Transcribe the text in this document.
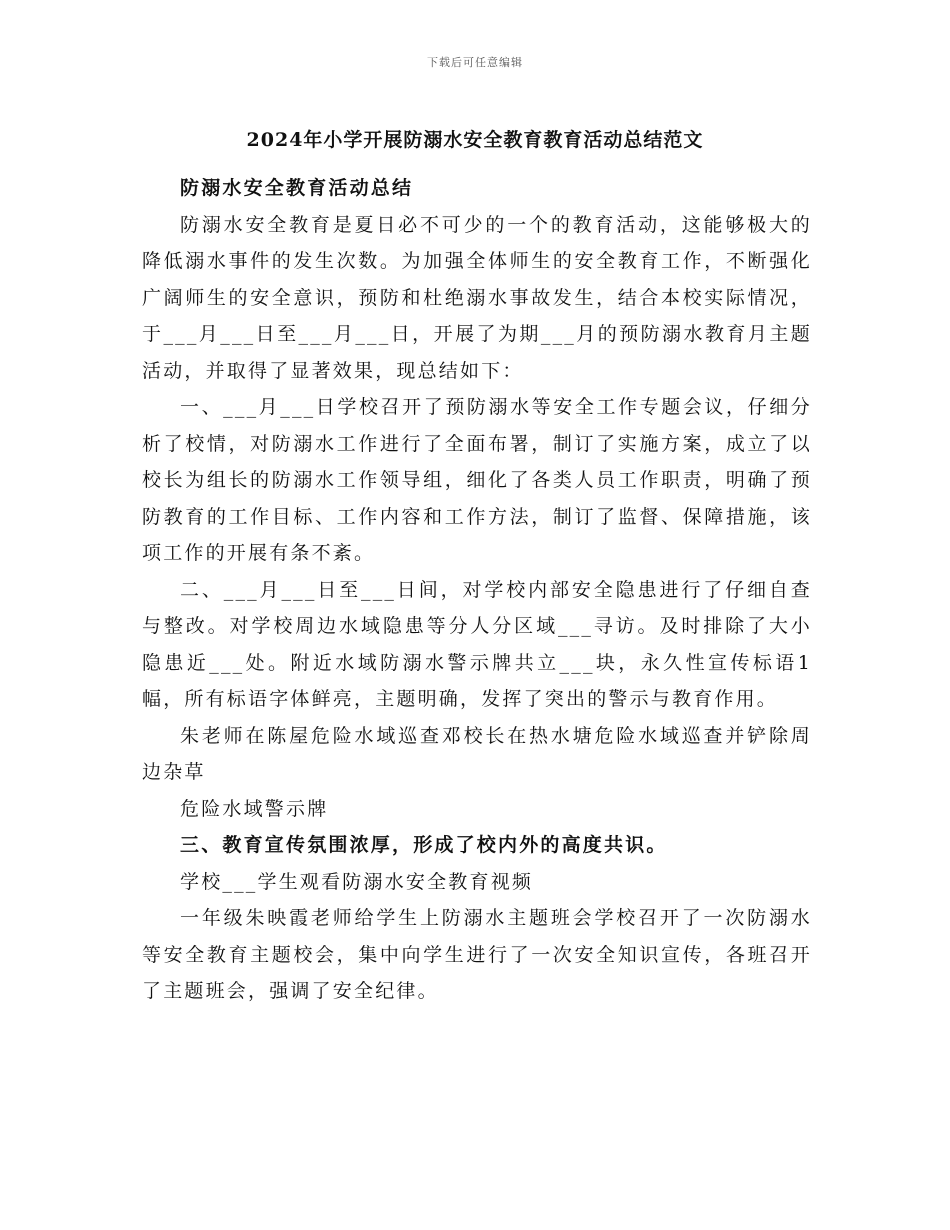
下载后可任意编辑
2024年小学开展防溺水安全教育教育活动总结范文

防溺水安全教育活动总结

防溺水安全教育是夏日必不可少的一个的教育活动，这能够极大的降低溺水事件的发生次数。为加强全体师生的安全教育工作，不断强化广阔师生的安全意识，预防和杜绝溺水事故发生，结合本校实际情况，于___月___日至___月___日，开展了为期___月的预防溺水教育月主题活动，并取得了显著效果，现总结如下：

一、___月___日学校召开了预防溺水等安全工作专题会议，仔细分析了校情，对防溺水工作进行了全面布署，制订了实施方案，成立了以校长为组长的防溺水工作领导组，细化了各类人员工作职责，明确了预防教育的工作目标、工作内容和工作方法，制订了监督、保障措施，该项工作的开展有条不紊。

二、___月___日至___日间，对学校内部安全隐患进行了仔细自查与整改。对学校周边水域隐患等分人分区域___寻访。及时排除了大小隐患近___处。附近水域防溺水警示牌共立___块，永久性宣传标语1幅，所有标语字体鲜亮，主题明确，发挥了突出的警示与教育作用。

朱老师在陈屋危险水域巡查邓校长在热水塘危险水域巡查并铲除周边杂草

危险水域警示牌

三、教育宣传氛围浓厚，形成了校内外的高度共识。

学校___学生观看防溺水安全教育视频

一年级朱映霞老师给学生上防溺水主题班会学校召开了一次防溺水等安全教育主题校会，集中向学生进行了一次安全知识宣传，各班召开了主题班会，强调了安全纪律。
